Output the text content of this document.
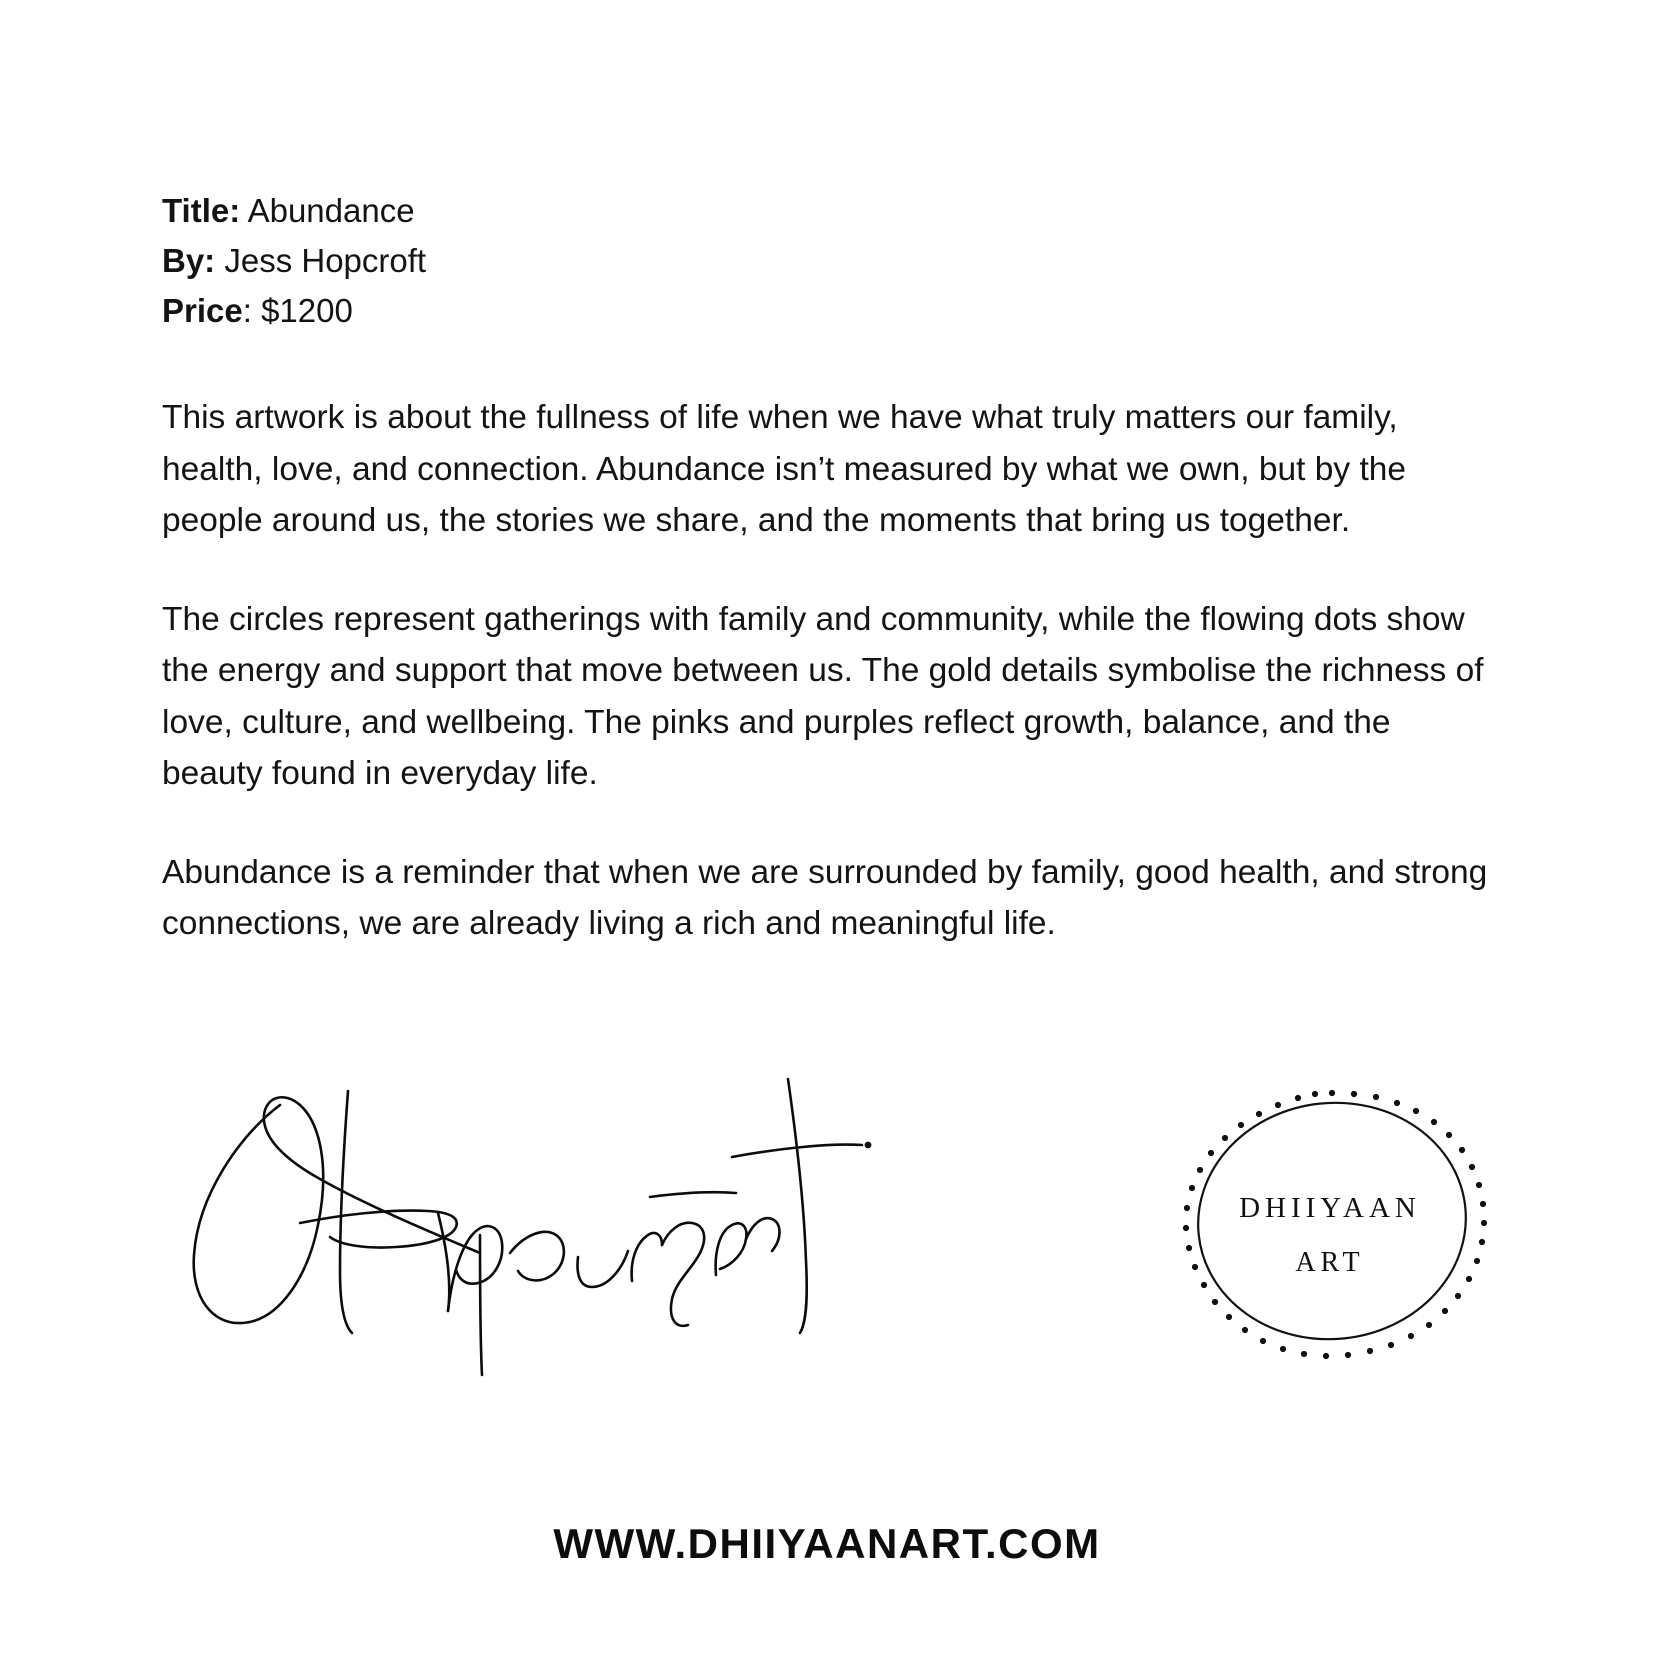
Title: Abundance
By: Jess Hopcroft
Price: $1200
This artwork is about the fullness of life when we have what truly matters our family, health, love, and connection. Abundance isn’t measured by what we own, but by the people around us, the stories we share, and the moments that bring us together.
The circles represent gatherings with family and community, while the flowing dots show the energy and support that move between us. The gold details symbolise the richness of love, culture, and wellbeing. The pinks and purples reflect growth, balance, and the beauty found in everyday life.
Abundance is a reminder that when we are surrounded by family, good health, and strong connections, we are already living a rich and meaningful life.
DHIIYAAN
ART
WWW.DHIIYAANART.COM
